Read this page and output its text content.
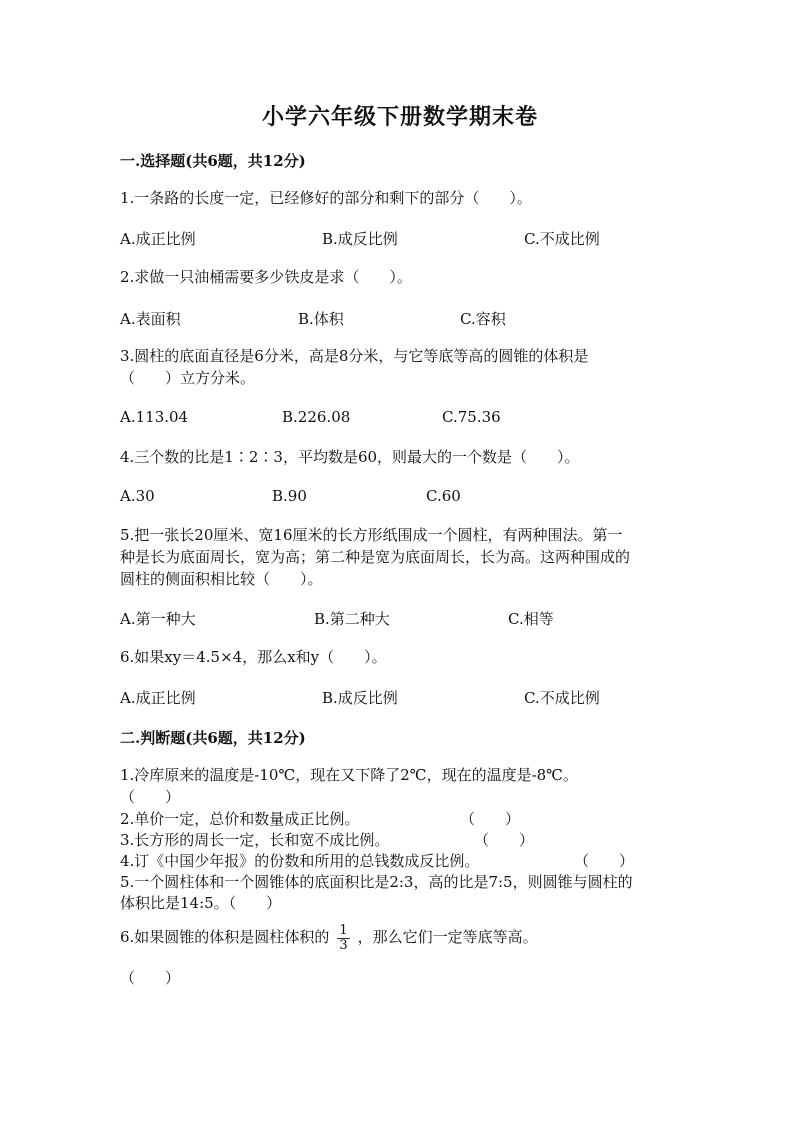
小学六年级下册数学期末卷
一.选择题(共6题，共12分)
1.一条路的长度一定，已经修好的部分和剩下的部分（　　）。
A.成正比例	B.成反比例	C.不成比例
2.求做一只油桶需要多少铁皮是求（　　）。
A.表面积	B.体积	C.容积
3.圆柱的底面直径是6分米，高是8分米，与它等底等高的圆锥的体积是
（　　）立方分米。
A.113.04	B.226.08	C.75.36
4.三个数的比是1∶2∶3，平均数是60，则最大的一个数是（　　）。
A.30	B.90	C.60
5.把一张长20厘米、宽16厘米的长方形纸围成一个圆柱，有两种围法。第一
种是长为底面周长，宽为高；第二种是宽为底面周长，长为高。这两种围成的
圆柱的侧面积相比较（　　）。
A.第一种大	B.第二种大	C.相等
6.如果xy＝4.5×4，那么x和y（　　）。
A.成正比例	B.成反比例	C.不成比例
二.判断题(共6题，共12分)
1.冷库原来的温度是-10℃，现在又下降了2℃，现在的温度是-8℃。
（　　）
2.单价一定，总价和数量成正比例。	（　　）
3.长方形的周长一定，长和宽不成比例。	（　　）
4.订《中国少年报》的份数和所用的总钱数成反比例。	（　　）
5.一个圆柱体和一个圆锥体的底面积比是2:3，高的比是7:5，则圆锥与圆柱的
体积比是14:5。（　　）
6.如果圆锥的体积是圆柱体积的 $\frac{1}{3}$ ，那么它们一定等底等高。
（　　）
